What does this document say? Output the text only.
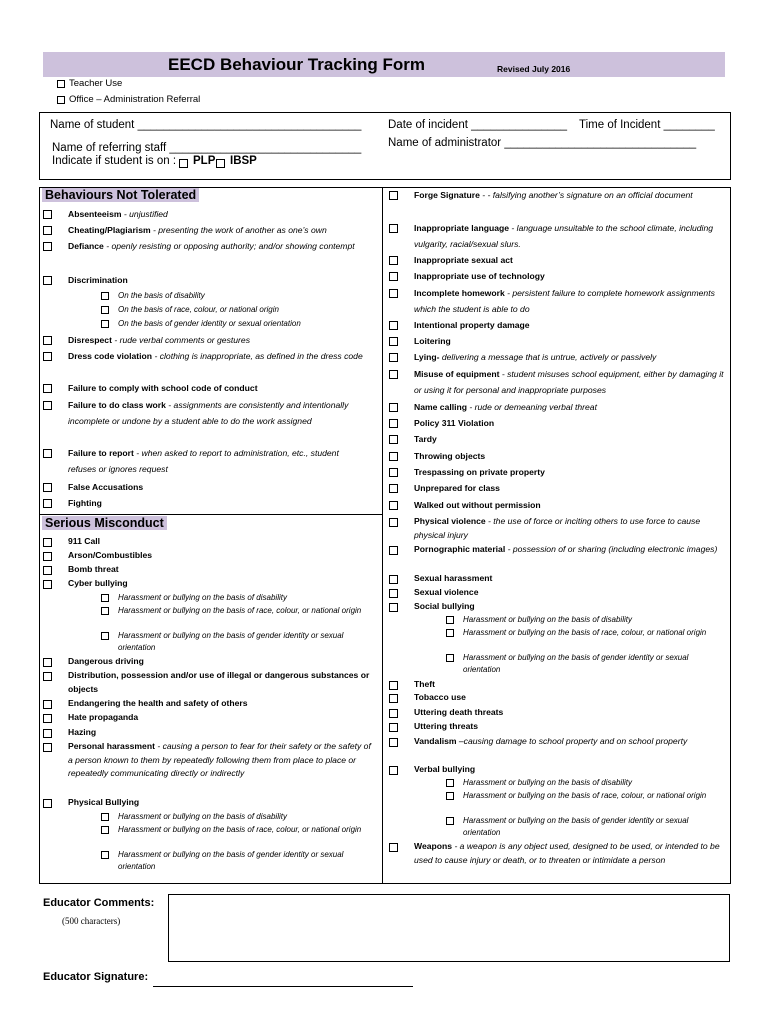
EECD Behaviour Tracking Form	Revised July 2016
Teacher Use
Office – Administration Referral
Name of student ___________________________________
Name of referring staff ______________________________
Indicate if student is on : PLP IBSP
Date of incident _______________ Time of Incident ________
Name of administrator ______________________________
Behaviours Not Tolerated
Serious Misconduct
Absenteeism - unjustified
Cheating/Plagiarism - presenting the work of another as one’s own
Defiance - openly resisting or opposing authority; and/or showing contempt
Discrimination
Disrespect - rude verbal comments or gestures
Dress code violation - clothing is inappropriate, as defined in the dress code
Failure to comply with school code of conduct
Failure to do class work - assignments are consistently and intentionally incomplete or undone by a student able to do the work assigned
Failure to report - when asked to report to administration, etc., student refuses or ignores request
False Accusations
Fighting
On the basis of disability
On the basis of race, colour, or national origin
On the basis of gender identity or sexual orientation
Forge Signature - - falsifying another’s signature on an official document
Inappropriate language - language unsuitable to the school climate, including vulgarity, racial/sexual slurs.
Inappropriate sexual act
Inappropriate use of technology
Incomplete homework - persistent failure to complete homework assignments which the student is able to do
Intentional property damage
Loitering
Lying- delivering a message that is untrue, actively or passively
Misuse of equipment - student misuses school equipment, either by damaging it or using it for personal and inappropriate purposes
Name calling - rude or demeaning verbal threat
Policy 311 Violation
Tardy
Throwing objects
Trespassing on private property
Unprepared for class
Walked out without permission
911 Call
Arson/Combustibles
Bomb threat
Cyber bullying
Dangerous driving
Distribution, possession and/or use of illegal or dangerous substances or objects
Endangering the health and safety of others
Hate propaganda
Hazing
Personal harassment - causing a person to fear for their safety or the safety of a person known to them by repeatedly following them from place to place or repeatedly communicating directly or indirectly
Physical Bullying
Harassment or bullying on the basis of disability
Harassment or bullying on the basis of race, colour, or national origin
Harassment or bullying on the basis of gender identity or sexual orientation
Harassment or bullying on the basis of disability
Harassment or bullying on the basis of race, colour, or national origin
Harassment or bullying on the basis of gender identity or sexual orientation
Physical violence - the use of force or inciting others to use force to cause physical injury
Pornographic material - possession of or sharing (including electronic images)
Sexual harassment
Sexual violence
Social bullying
Theft
Tobacco use
Uttering death threats
Uttering threats
Vandalism –causing damage to school property and on school property
Verbal bullying
Weapons - a weapon is any object used, designed to be used, or intended to be used to cause injury or death, or to threaten or intimidate a person
Harassment or bullying on the basis of disability
Harassment or bullying on the basis of race, colour, or national origin
Harassment or bullying on the basis of gender identity or sexual orientation
Harassment or bullying on the basis of disability
Harassment or bullying on the basis of race, colour, or national origin
Harassment or bullying on the basis of gender identity or sexual orientation
Educator Comments:
(500 characters)
Educator Signature:
